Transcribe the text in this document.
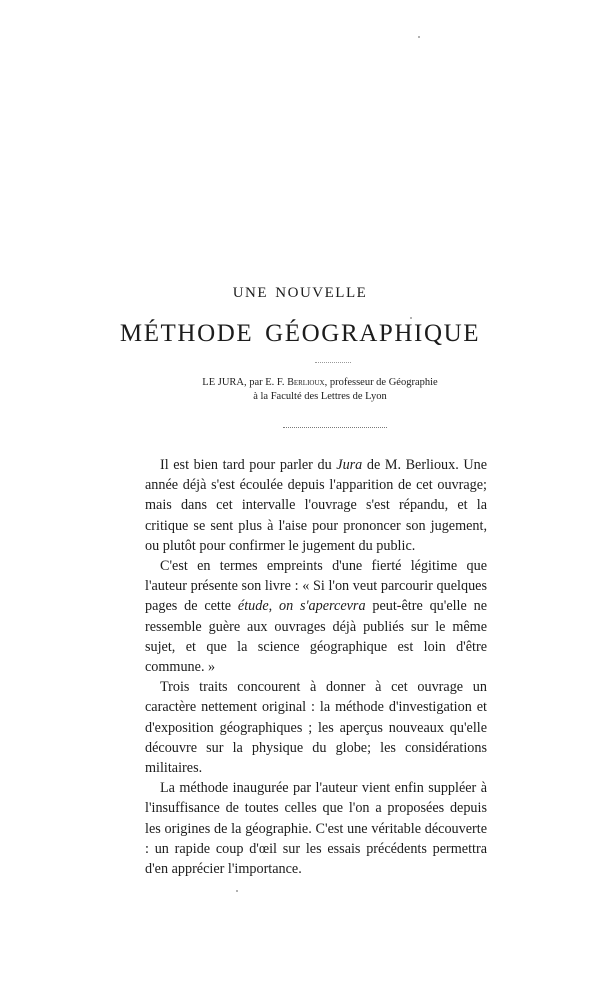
UNE NOUVELLE
MÉTHODE GÉOGRAPHIQUE
LE JURA, par E. F. Berlioux, professeur de Géographie
à la Faculté des Lettres de Lyon

Il est bien tard pour parler du Jura de M. Berlioux. Une année déjà s'est écoulée depuis l'apparition de cet ouvrage; mais dans cet intervalle l'ouvrage s'est répandu, et la critique se sent plus à l'aise pour prononcer son jugement, ou plutôt pour confirmer le jugement du public.

C'est en termes empreints d'une fierté légitime que l'auteur présente son livre : « Si l'on veut parcourir quelques pages de cette étude, on s'apercevra peut-être qu'elle ne ressemble guère aux ouvrages déjà publiés sur le même sujet, et que la science géographique est loin d'être commune. »

Trois traits concourent à donner à cet ouvrage un caractère nettement original : la méthode d'investigation et d'exposition géographiques ; les aperçus nouveaux qu'elle découvre sur la physique du globe; les considérations militaires.

La méthode inaugurée par l'auteur vient enfin suppléer à l'insuffisance de toutes celles que l'on a proposées depuis les origines de la géographie. C'est une véritable découverte : un rapide coup d'œil sur les essais précédents permettra d'en apprécier l'importance.
